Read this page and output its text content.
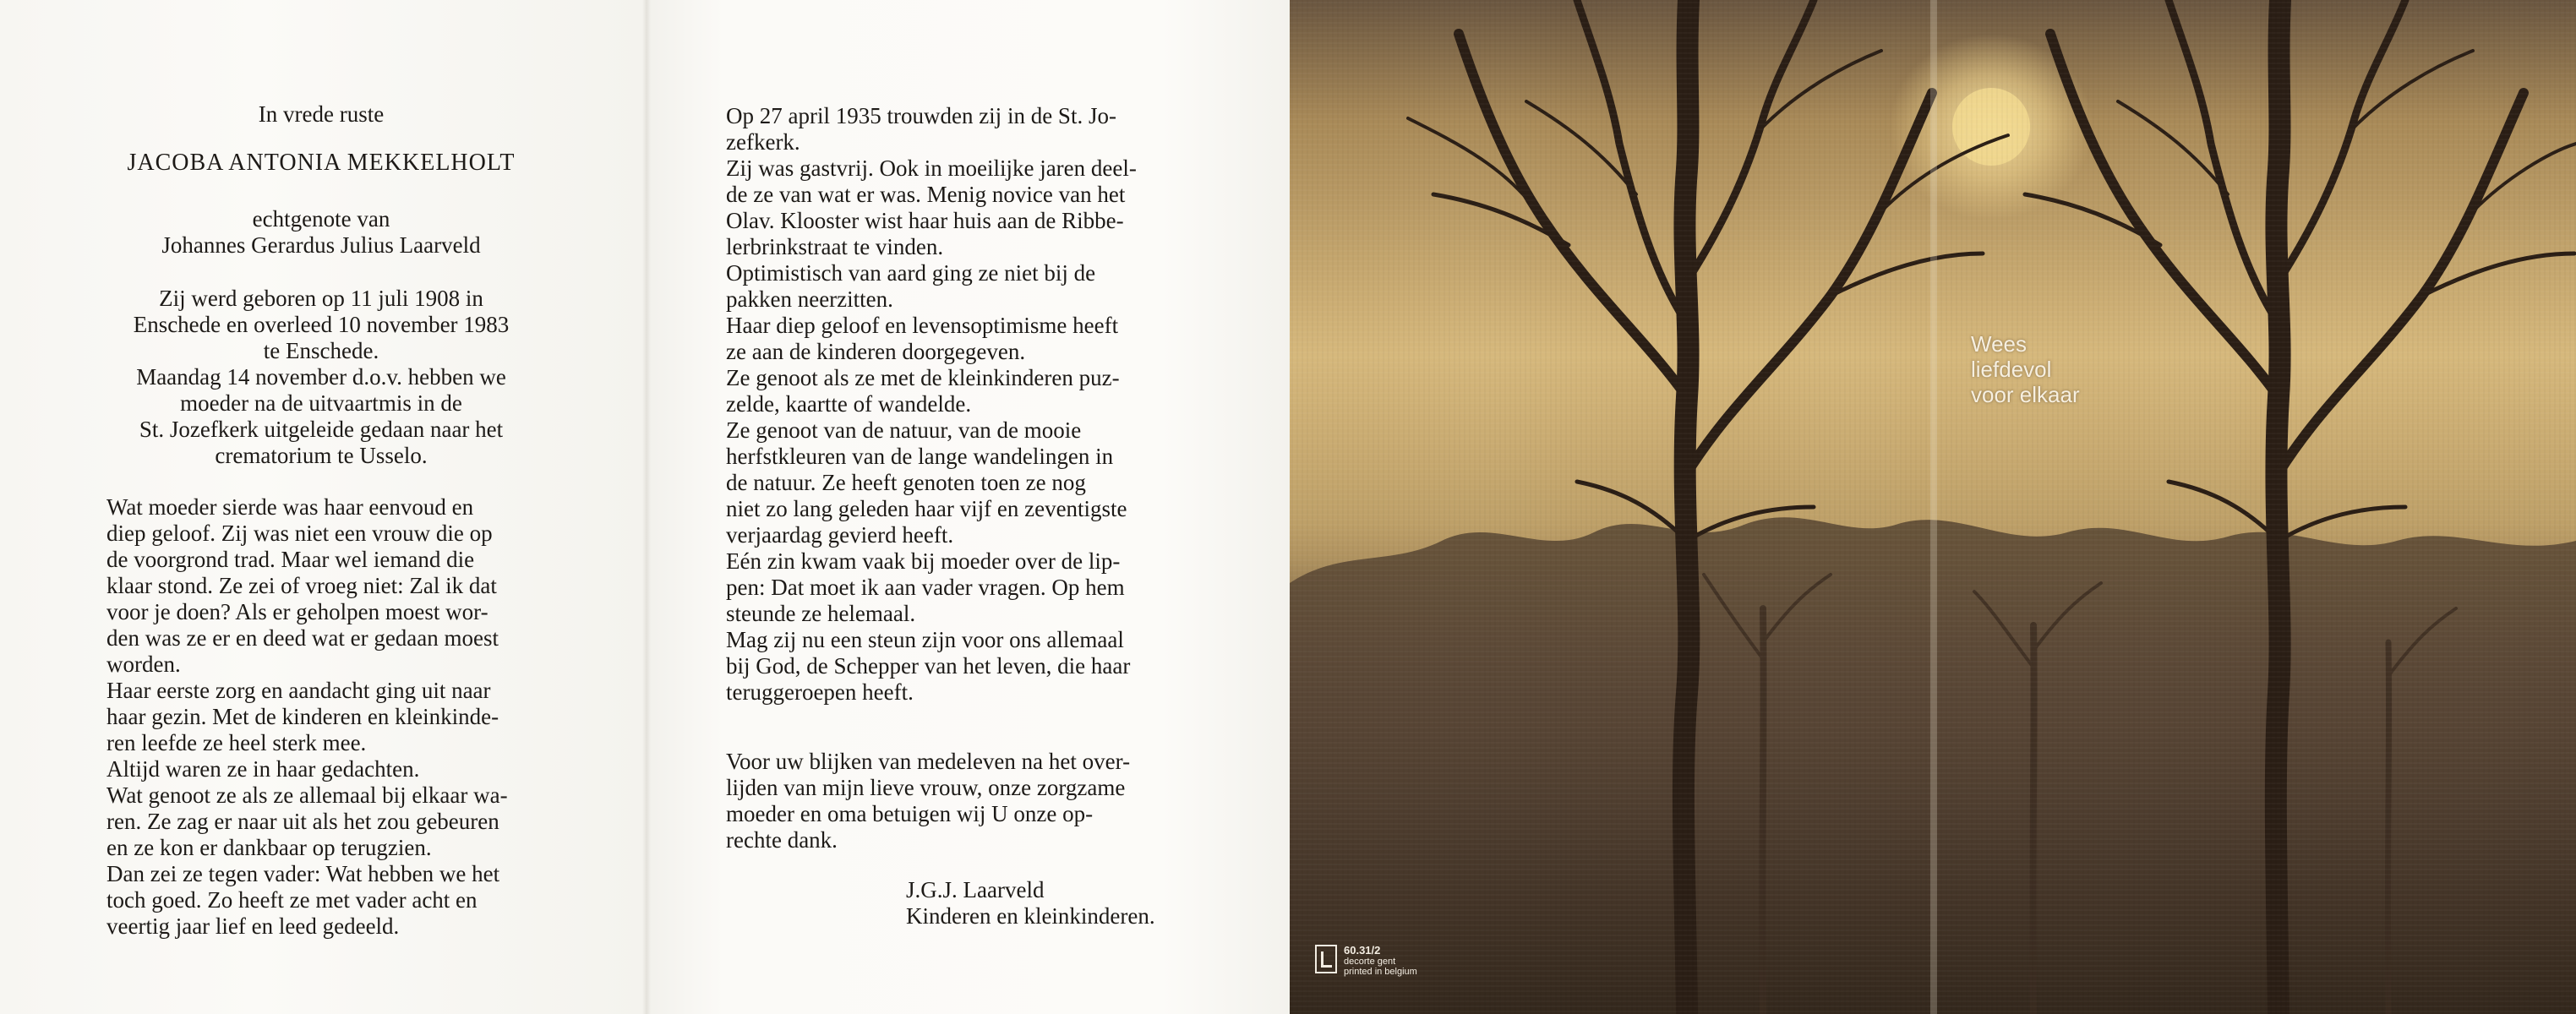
In vrede ruste
JACOBA ANTONIA MEKKELHOLT
echtgenote van
Johannes Gerardus Julius Laarveld
Zij werd geboren op 11 juli 1908 in
Enschede en overleed 10 november 1983
te Enschede.
Maandag 14 november d.o.v. hebben we
moeder na de uitvaartmis in de
St. Jozefkerk uitgeleide gedaan naar het
crematorium te Usselo.

Wat moeder sierde was haar eenvoud en

diep geloof. Zij was niet een vrouw die op

de voorgrond trad. Maar wel iemand die

klaar stond. Ze zei of vroeg niet: Zal ik dat

voor je doen? Als er geholpen moest wor-

den was ze er en deed wat er gedaan moest

worden.

Haar eerste zorg en aandacht ging uit naar

haar gezin. Met de kinderen en kleinkinde-

ren leefde ze heel sterk mee.

Altijd waren ze in haar gedachten.

Wat genoot ze als ze allemaal bij elkaar wa-

ren. Ze zag er naar uit als het zou gebeuren

en ze kon er dankbaar op terugzien.

Dan zei ze tegen vader: Wat hebben we het

toch goed. Zo heeft ze met vader acht en

veertig jaar lief en leed gedeeld.

Op 27 april 1935 trouwden zij in de St. Jo-

zefkerk.

Zij was gastvrij. Ook in moeilijke jaren deel-

de ze van wat er was. Menig novice van het

Olav. Klooster wist haar huis aan de Ribbe-

lerbrinkstraat te vinden.

Optimistisch van aard ging ze niet bij de

pakken neerzitten.

Haar diep geloof en levensoptimisme heeft

ze aan de kinderen doorgegeven.

Ze genoot als ze met de kleinkinderen puz-

zelde, kaartte of wandelde.

Ze genoot van de natuur, van de mooie

herfstkleuren van de lange wandelingen in

de natuur. Ze heeft genoten toen ze nog

niet zo lang geleden haar vijf en zeventigste

verjaardag gevierd heeft.

Eén zin kwam vaak bij moeder over de lip-

pen: Dat moet ik aan vader vragen. Op hem

steunde ze helemaal.

Mag zij nu een steun zijn voor ons allemaal

bij God, de Schepper van het leven, die haar

teruggeroepen heeft.

Voor uw blijken van medeleven na het over-

lijden van mijn lieve vrouw, onze zorgzame

moeder en oma betuigen wij U onze op-

rechte dank.

J.G.J. Laarveld
Kinderen en kleinkinderen.
Wees
liefdevol
voor elkaar
60.31/2
decorte gent
printed in belgium
